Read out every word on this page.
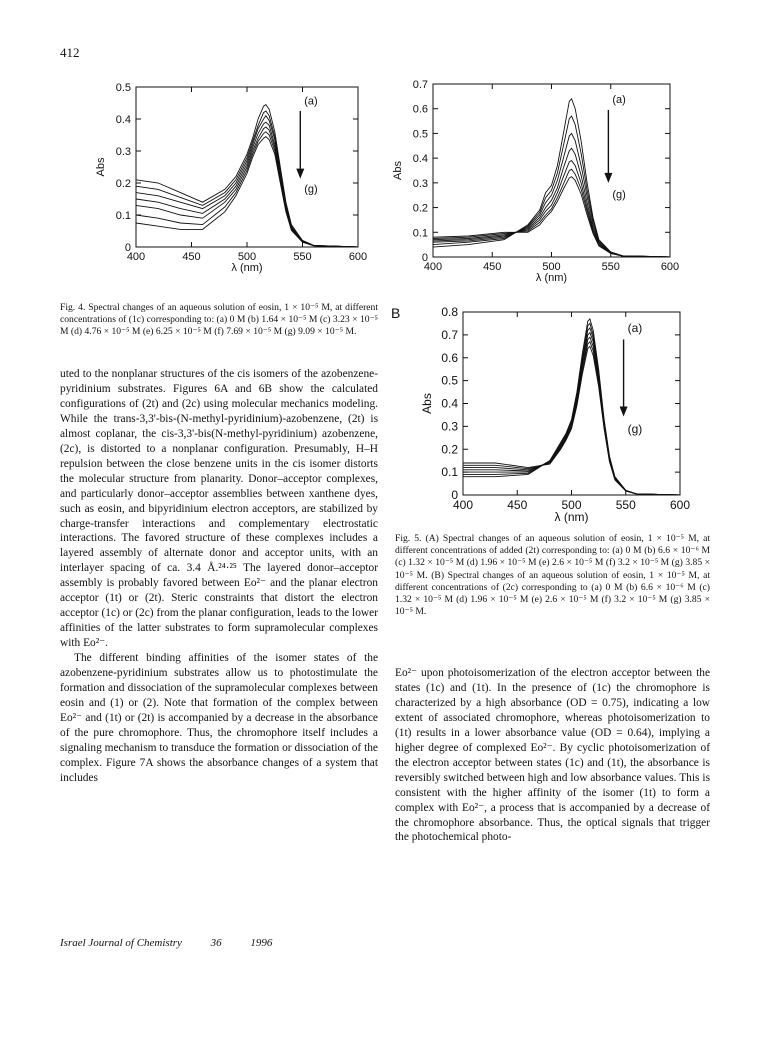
412
400	450	500	550	600
0
0.1
0.2
0.3
0.4
0.5
λ (nm)
Abs
(a)
(g)
400	450	500	550	600
0
0.1
0.2
0.3
0.4
0.5
0.6
0.7
λ (nm)
Abs
(a)
(g)
B
400	450	500	550	600
0
0.1
0.2
0.3
0.4
0.5
0.6
0.7
0.8
λ (nm)
Abs
(a)
(g)

Fig. 4. Spectral changes of an aqueous solution of eosin, 1 × 10⁻⁵ M, at different concentrations of (1c) corresponding to: (a) 0 M (b) 1.64 × 10⁻⁵ M (c) 3.23 × 10⁻⁵ M (d) 4.76 × 10⁻⁵ M (e) 6.25 × 10⁻⁵ M (f) 7.69 × 10⁻⁵ M (g) 9.09 × 10⁻⁵ M.

Fig. 5. (A) Spectral changes of an aqueous solution of eosin, 1 × 10⁻⁵ M, at different concentrations of added (2t) corresponding to: (a) 0 M (b) 6.6 × 10⁻⁶ M (c) 1.32 × 10⁻⁵ M (d) 1.96 × 10⁻⁵ M (e) 2.6 × 10⁻⁵ M (f) 3.2 × 10⁻⁵ M (g) 3.85 × 10⁻⁵ M. (B) Spectral changes of an aqueous solution of eosin, 1 × 10⁻⁵ M, at different concentrations of (2c) corresponding to (a) 0 M (b) 6.6 × 10⁻⁶ M (c) 1.32 × 10⁻⁵ M (d) 1.96 × 10⁻⁵ M (e) 2.6 × 10⁻⁵ M (f) 3.2 × 10⁻⁵ M (g) 3.85 × 10⁻⁵ M.

uted to the nonplanar structures of the cis isomers of the azobenzene-pyridinium substrates. Figures 6A and 6B show the calculated configurations of (2t) and (2c) using molecular mechanics modeling. While the trans-3,3'-bis-(N-methyl-pyridinium)-azobenzene, (2t) is almost coplanar, the cis-3,3'-bis(N-methyl-pyridinium) azobenzene, (2c), is distorted to a nonplanar configuration. Presumably, H–H repulsion between the close benzene units in the cis isomer distorts the molecular structure from planarity. Donor–acceptor complexes, and particularly donor–acceptor assemblies between xanthene dyes, such as eosin, and bipyridinium electron acceptors, are stabilized by charge-transfer interactions and complementary electrostatic interactions. The favored structure of these complexes includes a layered assembly of alternate donor and acceptor units, with an interlayer spacing of ca. 3.4 Å.²⁴·²⁵ The layered donor–acceptor assembly is probably favored between Eo²⁻ and the planar electron acceptor (1t) or (2t). Steric constraints that distort the electron acceptor (1c) or (2c) from the planar configuration, leads to the lower affinities of the latter substrates to form supramolecular complexes with Eo²⁻.

The different binding affinities of the isomer states of the azobenzene-pyridinium substrates allow us to photostimulate the formation and dissociation of the supramolecular complexes between eosin and (1) or (2). Note that formation of the complex between Eo²⁻ and (1t) or (2t) is accompanied by a decrease in the absorbance of the pure chromophore. Thus, the chromophore itself includes a signaling mechanism to transduce the formation or dissociation of the complex. Figure 7A shows the absorbance changes of a system that includes

Eo²⁻ upon photoisomerization of the electron acceptor between the states (1c) and (1t). In the presence of (1c) the chromophore is characterized by a high absorbance (OD = 0.75), indicating a low extent of associated chromophore, whereas photoisomerization to (1t) results in a lower absorbance value (OD = 0.64), implying a higher degree of complexed Eo²⁻. By cyclic photoisomerization of the electron acceptor between states (1c) and (1t), the absorbance is reversibly switched between high and low absorbance values. This is consistent with the higher affinity of the isomer (1t) to form a complex with Eo²⁻, a process that is accompanied by a decrease of the chromophore absorbance. Thus, the optical signals that trigger the photochemical photo-

Israel Journal of Chemistry	36	1996
